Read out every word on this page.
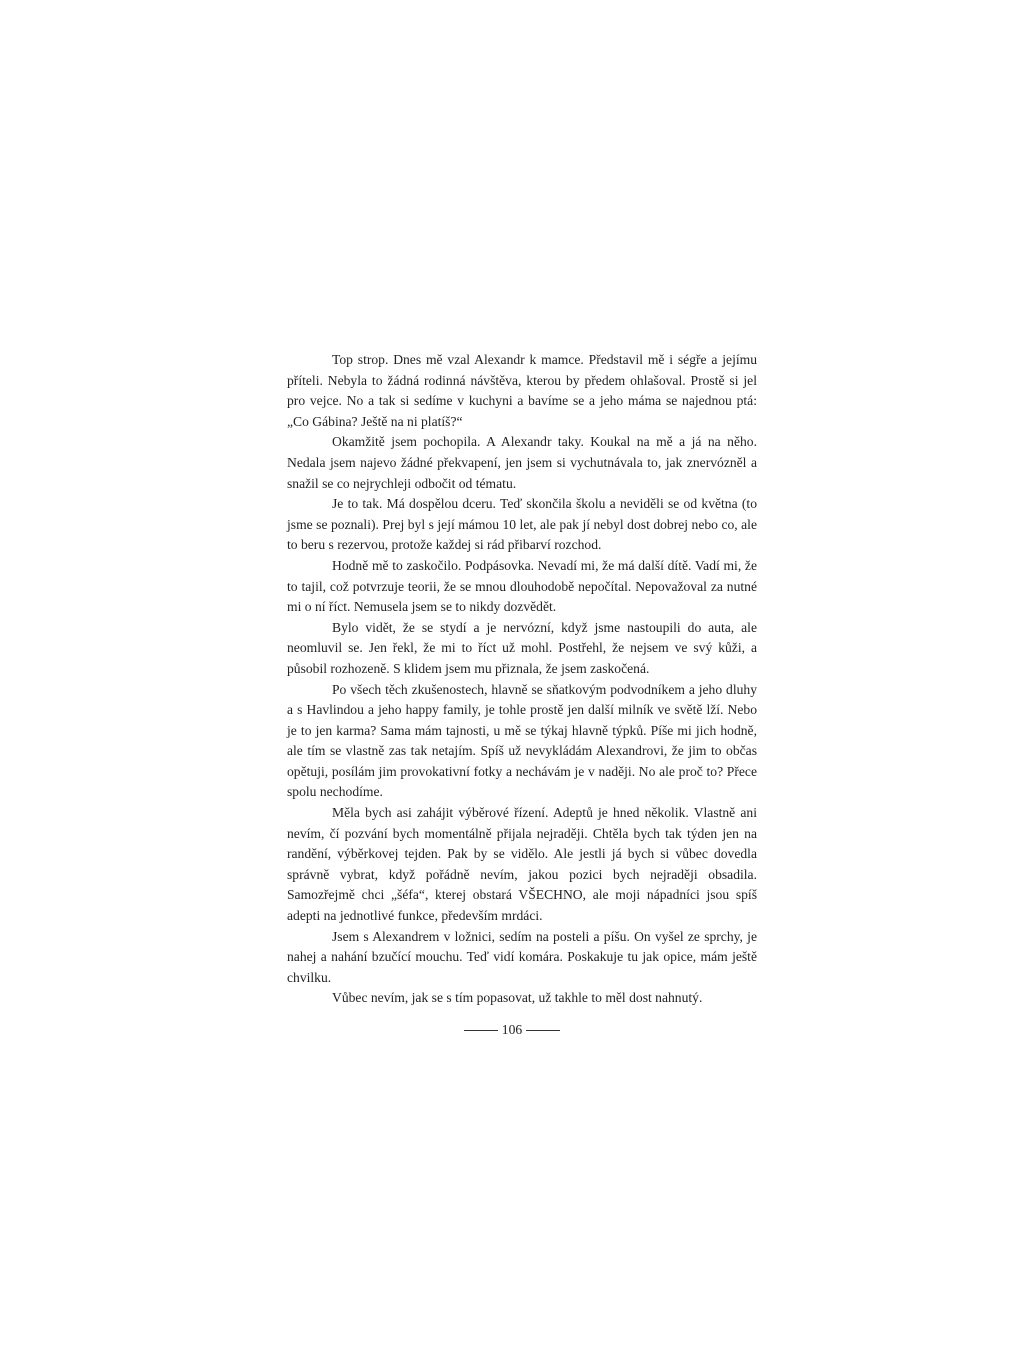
Top strop. Dnes mě vzal Alexandr k mamce. Představil mě i ségře a jejímu příteli. Nebyla to žádná rodinná návštěva, kterou by předem ohlašoval. Prostě si jel pro vejce. No a tak si sedíme v kuchyni a bavíme se a jeho máma se najednou ptá: „Co Gábina? Ještě na ni platíš?“

Okamžitě jsem pochopila. A Alexandr taky. Koukal na mě a já na něho. Nedala jsem najevo žádné překvapení, jen jsem si vychutnávala to, jak znervózněl a snažil se co nejrychleji odbočit od tématu.

Je to tak. Má dospělou dceru. Teď skončila školu a neviděli se od května (to jsme se poznali). Prej byl s její mámou 10 let, ale pak jí nebyl dost dobrej nebo co, ale to beru s rezervou, protože každej si rád přibarví rozchod.

Hodně mě to zaskočilo. Podpásovka. Nevadí mi, že má další dítě. Vadí mi, že to tajil, což potvrzuje teorii, že se mnou dlouhodobě nepočítal. Nepovažoval za nutné mi o ní říct. Nemusela jsem se to nikdy dozvědět.

Bylo vidět, že se stydí a je nervózní, když jsme nastoupili do auta, ale neomluvil se. Jen řekl, že mi to říct už mohl. Postřehl, že nejsem ve svý kůži, a působil rozhozeně. S klidem jsem mu přiznala, že jsem zaskočená.

Po všech těch zkušenostech, hlavně se sňatkovým podvodníkem a jeho dluhy a s Havlindou a jeho happy family, je tohle prostě jen další milník ve světě lží. Nebo je to jen karma? Sama mám tajnosti, u mě se týkaj hlavně týpků. Píše mi jich hodně, ale tím se vlastně zas tak netajím. Spíš už nevykládám Alexandrovi, že jim to občas opětuji, posílám jim provokativní fotky a nechávám je v naději. No ale proč to? Přece spolu nechodíme.

Měla bych asi zahájit výběrové řízení. Adeptů je hned několik. Vlastně ani nevím, čí pozvání bych momentálně přijala nejraději. Chtěla bych tak týden jen na randění, výběrkovej tejden. Pak by se vidělo. Ale jestli já bych si vůbec dovedla správně vybrat, když pořádně nevím, jakou pozici bych nejraději obsadila. Samozřejmě chci „šéfa“, kterej obstará VŠECHNO, ale moji nápadníci jsou spíš adepti na jednotlivé funkce, především mrdáci.

Jsem s Alexandrem v ložnici, sedím na posteli a píšu. On vyšel ze sprchy, je nahej a nahání bzučící mouchu. Teď vidí komára. Poskakuje tu jak opice, mám ještě chvilku.

Vůbec nevím, jak se s tím popasovat, už takhle to měl dost nahnutý.

106
